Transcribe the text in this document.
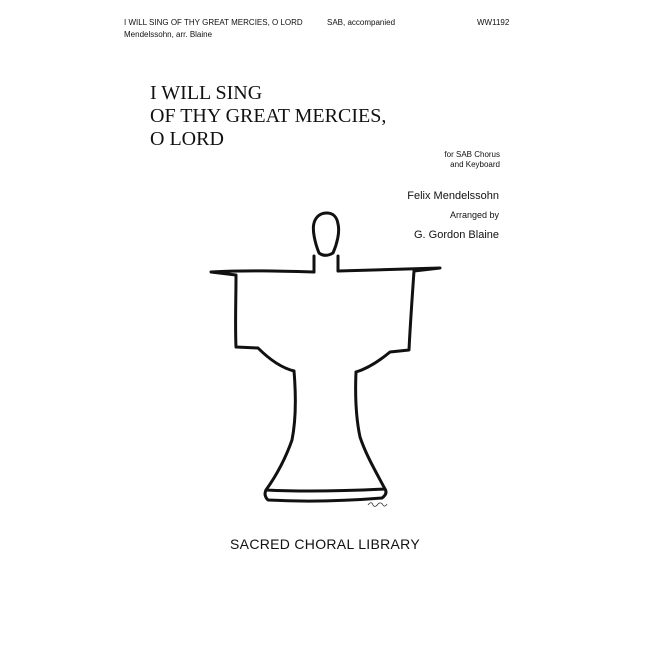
I WILL SING OF THY GREAT MERCIES, O LORD	SAB, accompanied	WW1192
Mendelssohn, arr. Blaine
I WILL SING
OF THY GREAT MERCIES,
O LORD
for SAB Chorus
and Keyboard
Felix Mendelssohn
Arranged by
G. Gordon Blaine
SACRED CHORAL LIBRARY
